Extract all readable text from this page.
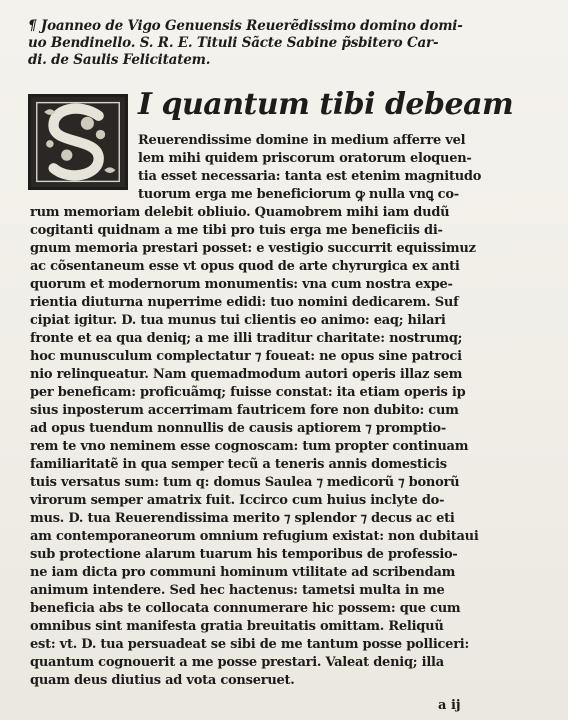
¶ Joanneo de Vigo Genuensis Reuerẽdissimo domino domi-
uo Bendinello. S. R. E. Tituli Sãcte Sabine p̃sbitero Car-
di. de Saulis Felicitatem.
I quantum tibi debeam
Reuerendissime domine in medium afferre vel
lem mihi quidem priscorum oratorum eloquen-
tia esset necessaria: tanta est etenim magnitudo
tuorum erga me beneficiorum ꝙ nulla vnꝗ co-
rum memoriam delebit obliuio. Quamobrem mihi iam dudũ
cogitanti quidnam a me tibi pro tuis erga me beneficiis di-
gnum memoria prestari posset: e vestigio succurrit equissimuz
ac cõsentaneum esse vt opus quod de arte chyrurgica ex anti
quorum et modernorum monumentis: vna cum nostra expe-
rientia diuturna nuperrime edidi: tuo nomini dedicarem. Suf
cipiat igitur. D. tua munus tui clientis eo animo: eaq; hilari
fronte et ea qua deniq; a me illi traditur charitate: nostrumq;
hoc munusculum complectatur ⁊ foueat: ne opus sine patroci
nio relinqueatur. Nam quemadmodum autori operis illaz sem
per beneficam: proficuãmq; fuisse constat: ita etiam operis ip
sius inposterum accerrimam fautricem fore non dubito: cum
ad opus tuendum nonnullis de causis aptiorem ⁊ promptio-
rem te vno neminem esse cognoscam: tum propter continuam
familiaritatẽ in qua semper tecũ a teneris annis domesticis
tuis versatus sum: tum q: domus Saulea ⁊ medicorũ ⁊ bonorũ
virorum semper amatrix fuit. Iccirco cum huius inclyte do-
mus. D. tua Reuerendissima merito ⁊ splendor ⁊ decus ac eti
am contemporaneorum omnium refugium existat: non dubitaui
sub protectione alarum tuarum his temporibus de professio-
ne iam dicta pro communi hominum vtilitate ad scribendam
animum intendere. Sed hec hactenus: tametsi multa in me
beneficia abs te collocata connumerare hic possem: que cum
omnibus sint manifesta gratia breuitatis omittam. Reliquũ
est: vt. D. tua persuadeat se sibi de me tantum posse polliceri:
quantum cognouerit a me posse prestari. Valeat deniq; illa
quam deus diutius ad vota conseruet.
a ij
